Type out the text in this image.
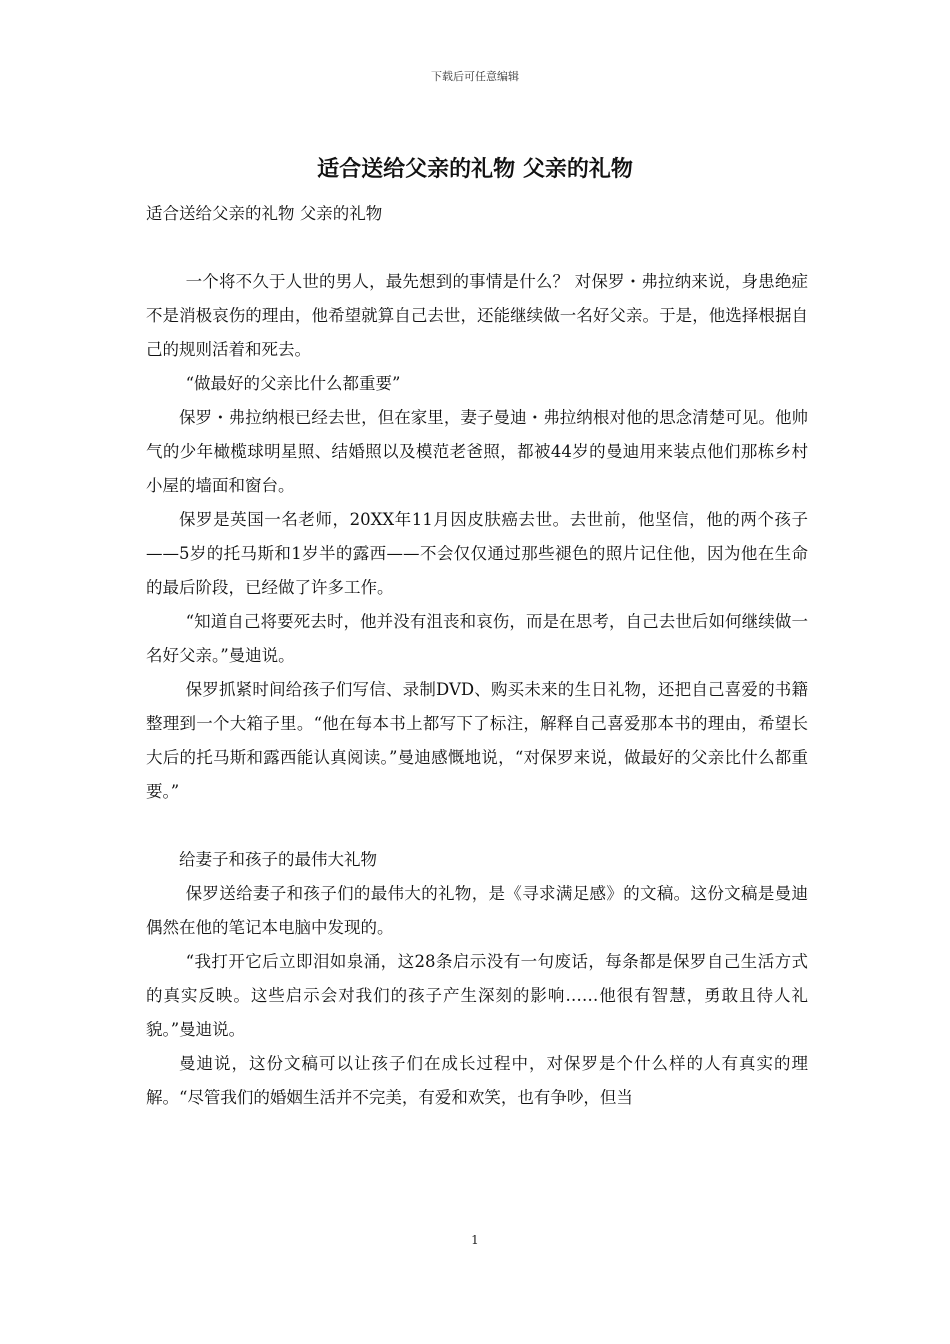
下载后可任意编辑
适合送给父亲的礼物 父亲的礼物

适合送给父亲的礼物 父亲的礼物

一个将不久于人世的男人，最先想到的事情是什么？ 对保罗・弗拉纳来说，身患绝症不是消极哀伤的理由，他希望就算自己去世，还能继续做一名好父亲。于是，他选择根据自己的规则活着和死去。

“做最好的父亲比什么都重要”

保罗・弗拉纳根已经去世，但在家里，妻子曼迪・弗拉纳根对他的思念清楚可见。他帅气的少年橄榄球明星照、结婚照以及模范老爸照，都被44岁的曼迪用来装点他们那栋乡村小屋的墙面和窗台。

保罗是英国一名老师，20XX年11月因皮肤癌去世。去世前，他坚信，他的两个孩子——5岁的托马斯和1岁半的露西——不会仅仅通过那些褪色的照片记住他，因为他在生命的最后阶段，已经做了许多工作。

“知道自己将要死去时，他并没有沮丧和哀伤，而是在思考，自己去世后如何继续做一名好父亲。”曼迪说。

保罗抓紧时间给孩子们写信、录制DVD、购买未来的生日礼物，还把自己喜爱的书籍整理到一个大箱子里。“他在每本书上都写下了标注，解释自己喜爱那本书的理由，希望长大后的托马斯和露西能认真阅读。”曼迪感慨地说，“对保罗来说，做最好的父亲比什么都重要。”

给妻子和孩子的最伟大礼物

保罗送给妻子和孩子们的最伟大的礼物，是《寻求满足感》的文稿。这份文稿是曼迪偶然在他的笔记本电脑中发现的。

“我打开它后立即泪如泉涌，这28条启示没有一句废话，每条都是保罗自己生活方式的真实反映。这些启示会对我们的孩子产生深刻的影响……他很有智慧，勇敢且待人礼貌。”曼迪说。

曼迪说，这份文稿可以让孩子们在成长过程中，对保罗是个什么样的人有真实的理解。“尽管我们的婚姻生活并不完美，有爱和欢笑，也有争吵，但当

1
